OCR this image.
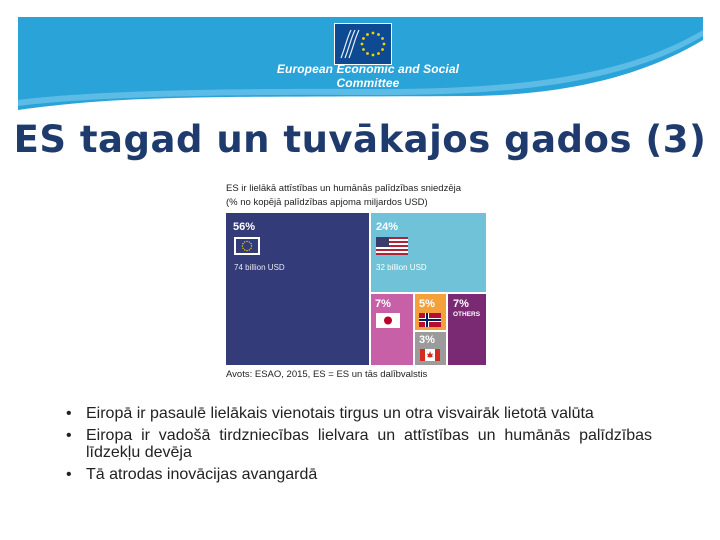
European Economic and Social Committee
ES tagad un tuvākajos gados (3)
ES ir lielākā attīstības un humānās palīdzības sniedzēja
(% no kopējā palīdzības apjoma miljardos USD)
56%
74 billion USD
24%
32 billion USD
7%	5%
3%
7%
OTHERS
Avots: ESAO, 2015, ES = ES un tās dalībvalstis
• Eiropā ir pasaulē lielākais vienotais tirgus un otra visvairāk lietotā valūta
• Eiropa ir vadošā tirdzniecības lielvara un attīstības un humānās palīdzības līdzekļu devēja
• Tā atrodas inovācijas avangardā
